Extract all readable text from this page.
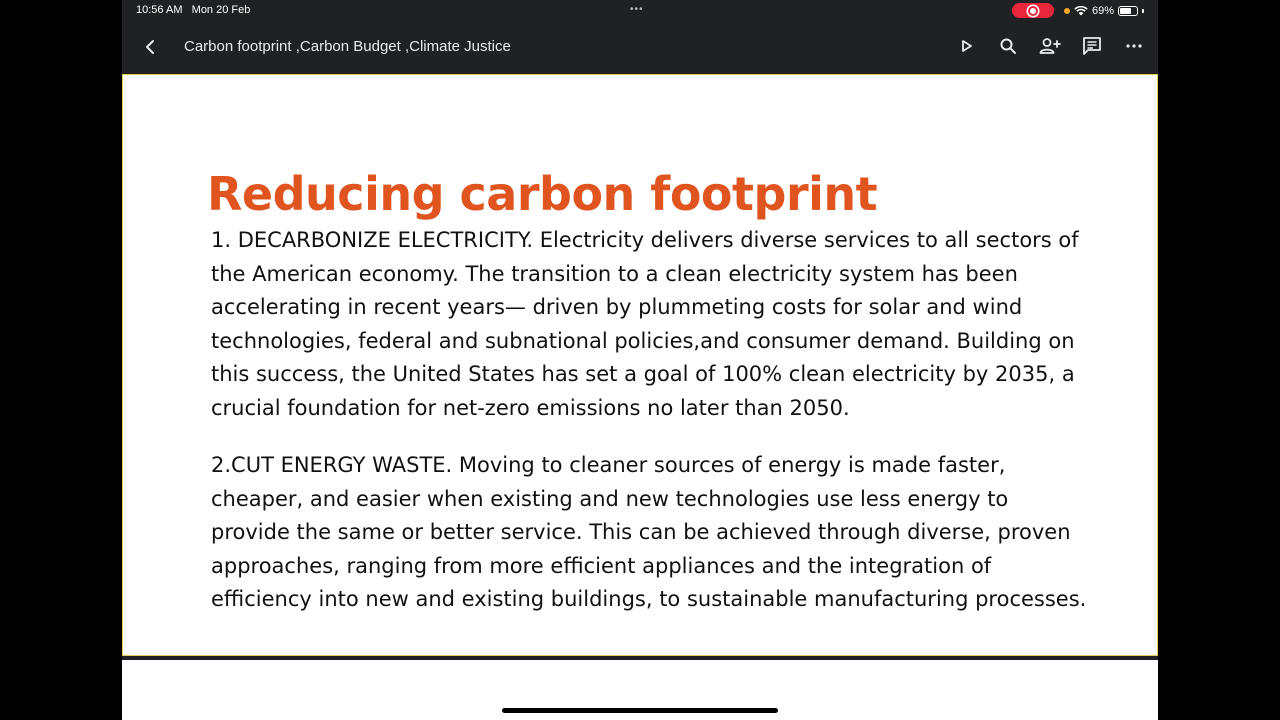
10:56 AM Mon 20 Feb	•••	69%
Carbon footprint ,Carbon Budget ,Climate Justice
Reducing carbon footprint

1. DECARBONIZE ELECTRICITY. Electricity delivers diverse services to all sectors of the American economy. The transition to a clean electricity system has been accelerating in recent years— driven by plummeting costs for solar and wind technologies, federal and subnational policies,and consumer demand. Building on this success, the United States has set a goal of 100% clean electricity by 2035, a crucial foundation for net-zero emissions no later than 2050.

2.CUT ENERGY WASTE. Moving to cleaner sources of energy is made faster, cheaper, and easier when existing and new technologies use less energy to provide the same or better service. This can be achieved through diverse, proven approaches, ranging from more efficient appliances and the integration of efficiency into new and existing buildings, to sustainable manufacturing processes.
